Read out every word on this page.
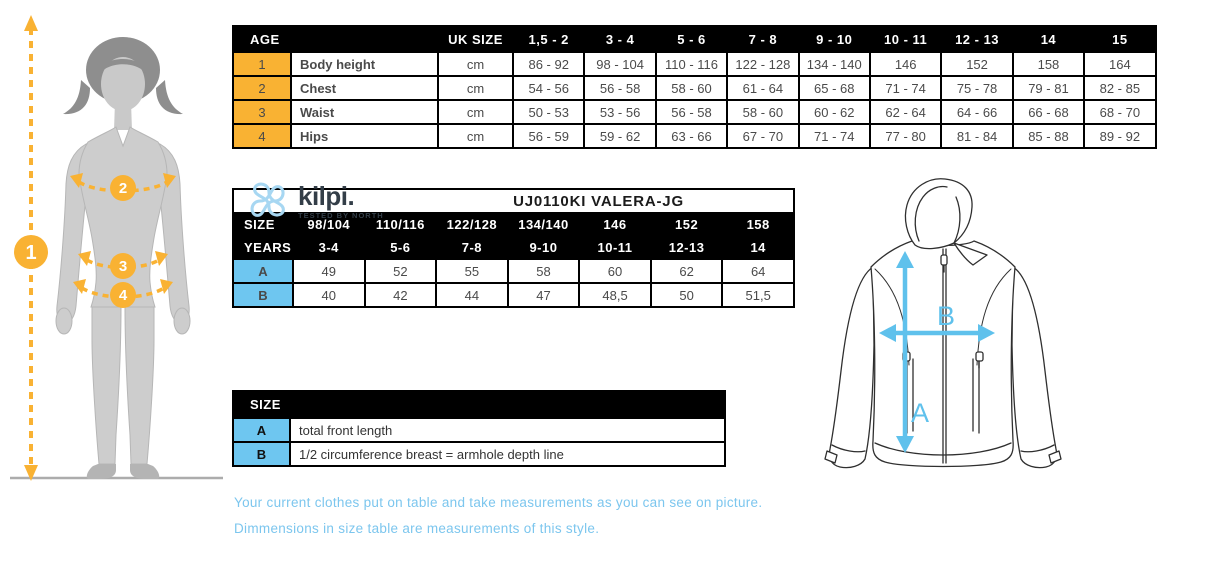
1
2
3
4
AGE		UK SIZE	1,5 - 2	3 - 4	5 - 6	7 - 8	9 - 10	10 - 11	12 - 13	14	15
1	Body height	cm	86 - 92	98 - 104	110 - 116	122 - 128	134 - 140	146	152	158	164
2	Chest	cm	54 - 56	56 - 58	58 - 60	61 - 64	65 - 68	71 - 74	75 - 78	79 - 81	82 - 85
3	Waist	cm	50 - 53	53 - 56	56 - 58	58 - 60	60 - 62	62 - 64	64 - 66	66 - 68	68 - 70
4	Hips	cm	56 - 59	59 - 62	63 - 66	67 - 70	71 - 74	77 - 80	81 - 84	85 - 88	89 - 92
kilpi.
TESTED BY NORTH
UJ0110KI VALERA-JG							

SIZE	98/104	110/116	122/128	134/140	146	152	158
YEARS	3-4	5-6	7-8	9-10	10-11	12-13	14
A	49	52	55	58	60	62	64
B	40	42	44	47	48,5	50	51,5
SIZE	
A	total front length
B	1/2 circumference breast = armhole depth line
A
B
Your current clothes put on table and take measurements as you can see on picture.
Dimmensions in size table are measurements of this style.
